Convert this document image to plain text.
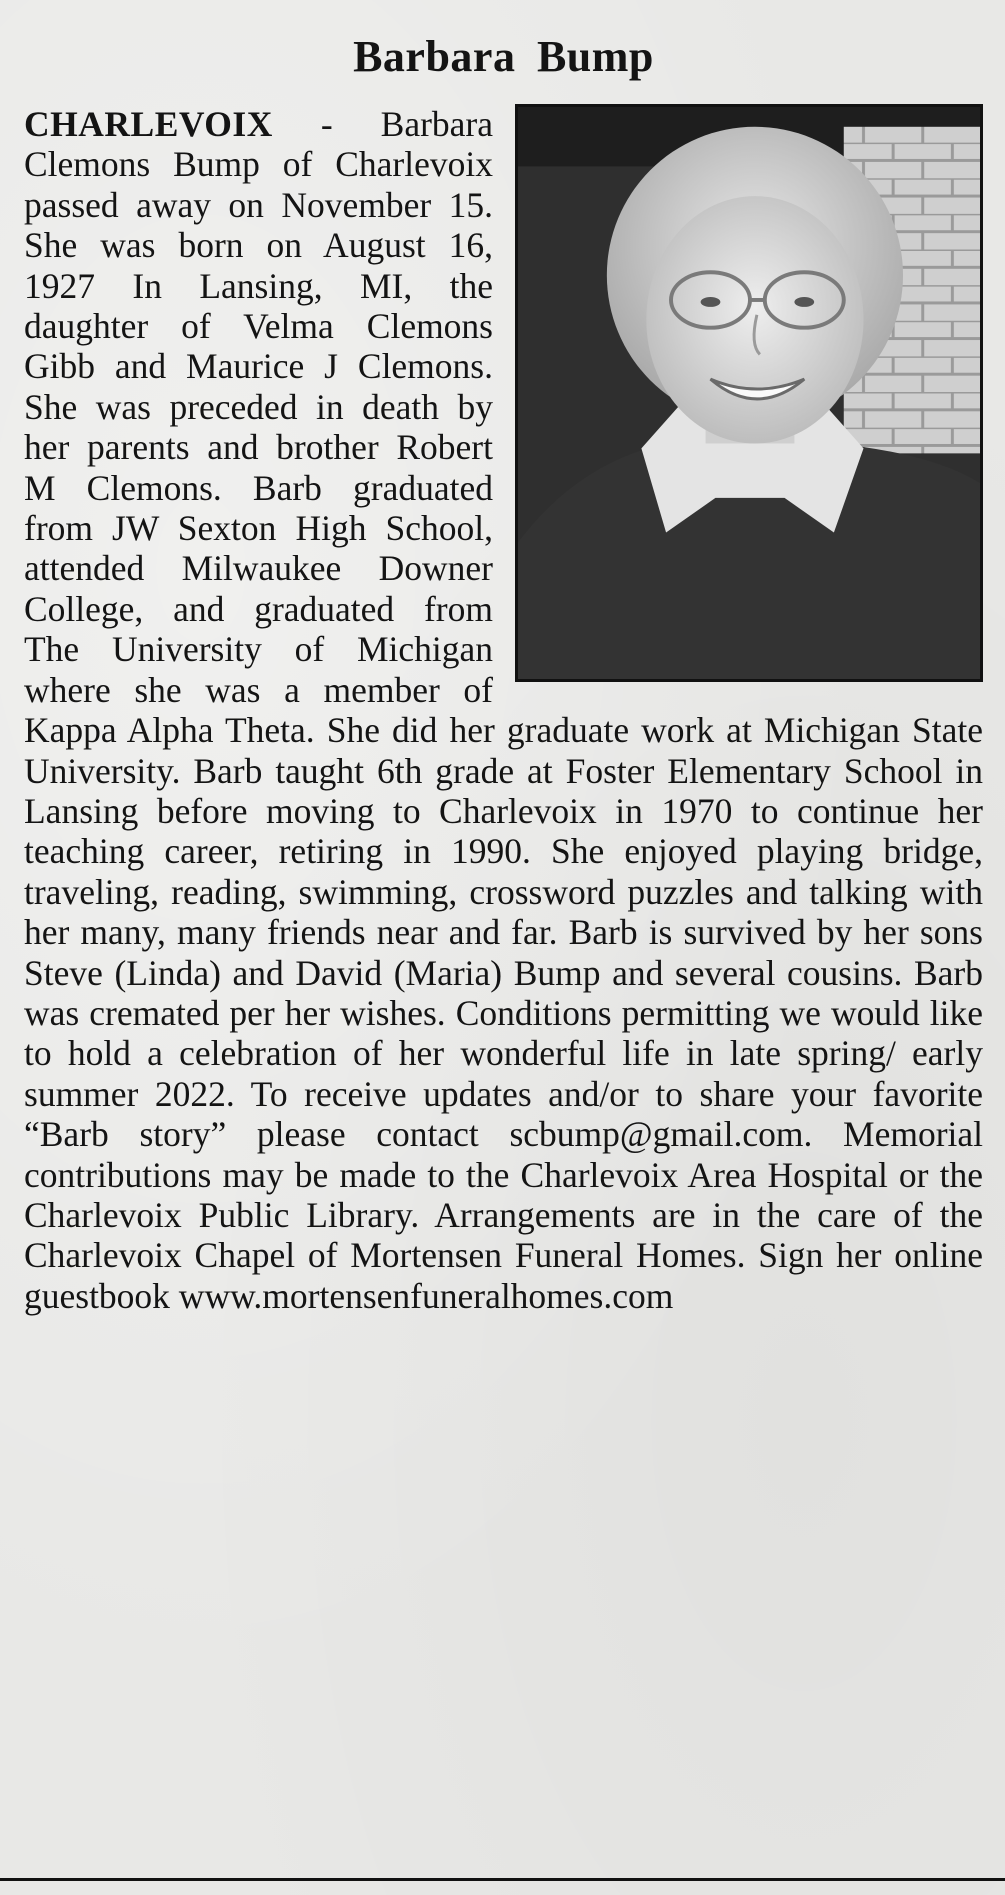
Barbara Bump

CHARLEVOIX - Barbara Clemons Bump of Charlevoix passed away on November 15. She was born on August 16, 1927 In Lansing, MI, the daughter of Velma Clemons Gibb and Maurice J Clemons. She was preceded in death by her parents and brother Robert M Clemons. Barb graduated from JW Sexton High School, attended Milwaukee Downer College, and graduated from The University of Michigan where she was a member of Kappa Alpha Theta. She did her graduate work at Michigan State University. Barb taught 6th grade at Foster Elementary School in Lansing before moving to Charlevoix in 1970 to continue her teaching career, retiring in 1990. She enjoyed playing bridge, traveling, reading, swimming, crossword puzzles and talking with her many, many friends near and far. Barb is survived by her sons Steve (Linda) and David (Maria) Bump and several cousins. Barb was cremated per her wishes. Conditions permitting we would like to hold a celebration of her wonderful life in late spring/ early summer 2022. To receive updates and/or to share your favorite “Barb story” please contact scbump@gmail.com. Memorial contributions may be made to the Charlevoix Area Hospital or the Charlevoix Public Library. Arrangements are in the care of the Charlevoix Chapel of Mortensen Funeral Homes. Sign her online guestbook www.mortensenfuneralhomes.com
